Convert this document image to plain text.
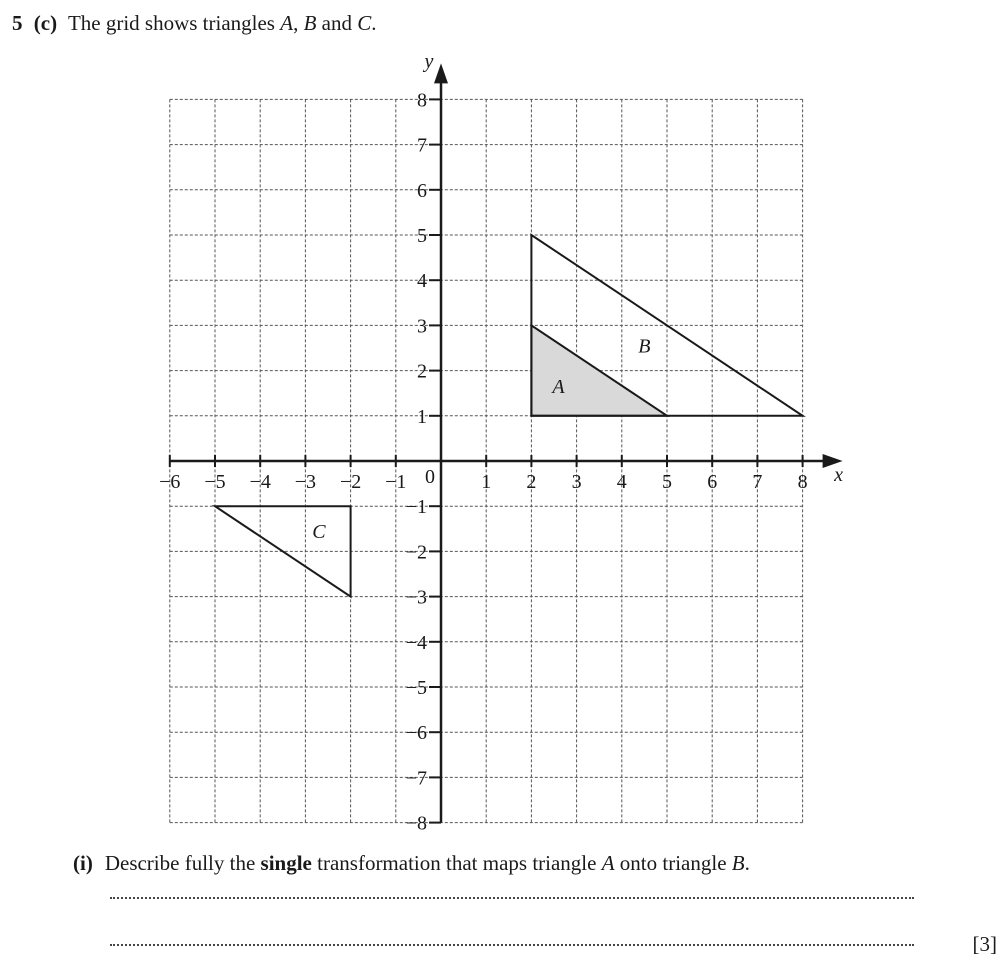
5 (c) The grid shows triangles A, B and C.
A
B
C
−6 −5 −4 −3 −2 −1	1 2 3 4 5 6 7 8
8
7
6
5
4
3
2
1
−1
−2
−3
−4
−5
−6
−7
−8
0	x
y
(i) Describe fully the single transformation that maps triangle A onto triangle B.
[3]
